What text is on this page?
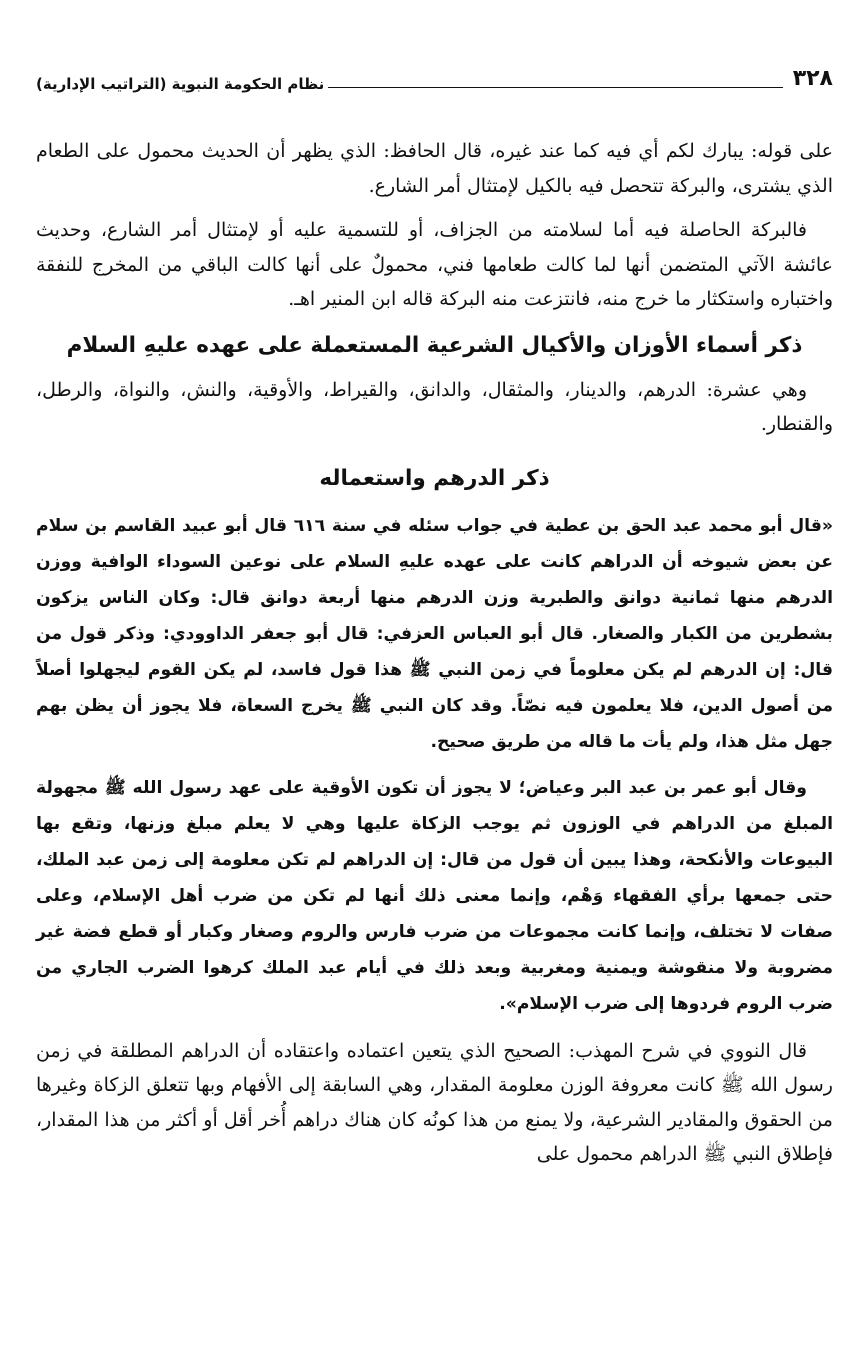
٣٢٨
نظام الحكومة النبوية (التراتيب الإدارية)

على قوله: يبارك لكم أي فيه كما عند غيره، قال الحافظ: الذي يظهر أن الحديث محمول على الطعام الذي يشترى، والبركة تتحصل فيه بالكيل لإمتثال أمر الشارع.

فالبركة الحاصلة فيه أما لسلامته من الجزاف، أو للتسمية عليه أو لإمتثال أمر الشارع، وحديث عائشة الآتي المتضمن أنها لما كالت طعامها فني، محمولٌ على أنها كالت الباقي من المخرج للنفقة واختباره واستكثار ما خرج منه، فانتزعت منه البركة قاله ابن المنير اهـ.

ذكر أسماء الأوزان والأكيال الشرعية المستعملة على عهده عليهِ السلام

وهي عشرة: الدرهم، والدينار، والمثقال، والدانق، والقيراط، والأوقية، والنش، والنواة، والرطل، والقنطار.

ذكر الدرهم واستعماله

«قال أبو محمد عبد الحق بن عطية في جواب سئله في سنة ٦١٦ قال أبو عبيد القاسم بن سلام عن بعض شيوخه أن الدراهم كانت على عهده عليهِ السلام على نوعين السوداء الوافية ووزن الدرهم منها ثمانية دوانق والطبرية وزن الدرهم منها أربعة دوانق قال: وكان الناس يزكون بشطرين من الكبار والصغار. قال أبو العباس العزفي: قال أبو جعفر الداوودي: وذكر قول من قال: إن الدرهم لم يكن معلوماً في زمن النبي ﷺ هذا قول فاسد، لم يكن القوم ليجهلوا أصلاً من أصول الدين، فلا يعلمون فيه نصّاً. وقد كان النبي ﷺ يخرج السعاة، فلا يجوز أن يظن بهم جهل مثل هذا، ولم يأت ما قاله من طريق صحيح.

وقال أبو عمر بن عبد البر وعياض؛ لا يجوز أن تكون الأوقية على عهد رسول الله ﷺ مجهولة المبلغ من الدراهم في الوزون ثم يوجب الزكاة عليها وهي لا يعلم مبلغ وزنها، وتقع بها البيوعات والأنكحة، وهذا يبين أن قول من قال: إن الدراهم لم تكن معلومة إلى زمن عبد الملك، حتى جمعها برأي الفقهاء وَهْم، وإنما معنى ذلك أنها لم تكن من ضرب أهل الإسلام، وعلى صفات لا تختلف، وإنما كانت مجموعات من ضرب فارس والروم وصغار وكبار أو قطع فضة غير مضروبة ولا منقوشة ويمنية ومغربية وبعد ذلك في أيام عبد الملك كرهوا الضرب الجاري من ضرب الروم فردوها إلى ضرب الإسلام».

قال النووي في شرح المهذب: الصحيح الذي يتعين اعتماده واعتقاده أن الدراهم المطلقة في زمن رسول الله ﷺ كانت معروفة الوزن معلومة المقدار، وهي السابقة إلى الأفهام وبها تتعلق الزكاة وغيرها من الحقوق والمقادير الشرعية، ولا يمنع من هذا كونُه كان هناك دراهم أُخر أقل أو أكثر من هذا المقدار، فإطلاق النبي ﷺ الدراهم محمول على
